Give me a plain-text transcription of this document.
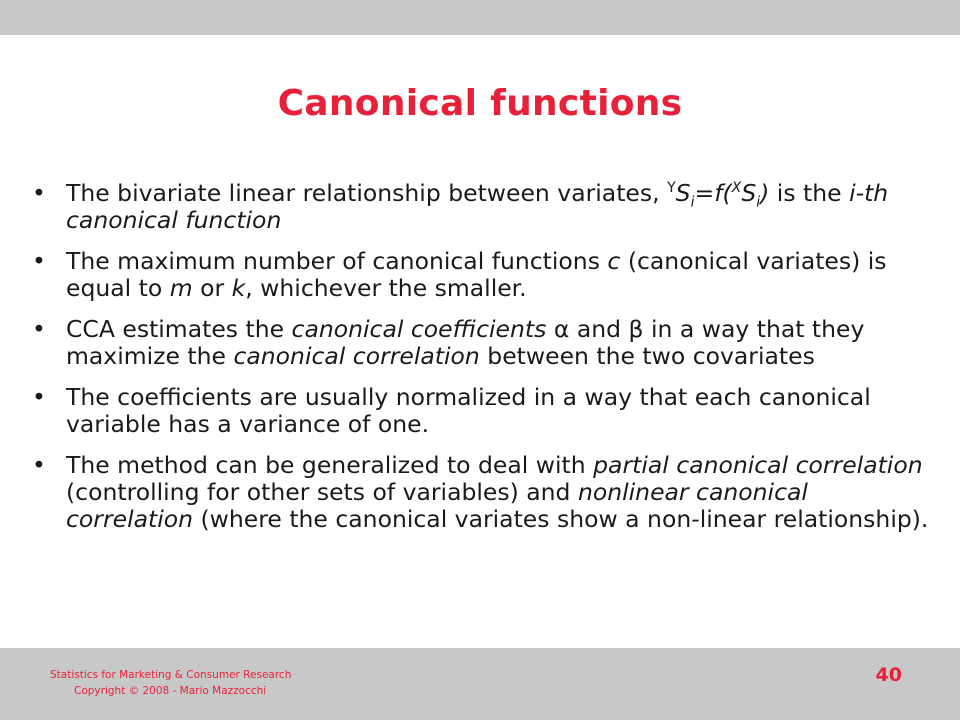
Canonical functions
• The bivariate linear relationship between variates, $^YS_i=f(^XS_i)$ is the i-th canonical function
• The maximum number of canonical functions c (canonical variates) is equal to m or k, whichever the smaller.
• CCA estimates the canonical coefficients α and β in a way that they maximize the canonical correlation between the two covariates
• The coefficients are usually normalized in a way that each canonical variable has a variance of one.
• The method can be generalized to deal with partial canonical correlation (controlling for other sets of variables) and nonlinear canonical correlation (where the canonical variates show a non-linear relationship).
Statistics for Marketing & Consumer Research
Copyright © 2008 - Mario Mazzocchi
40
